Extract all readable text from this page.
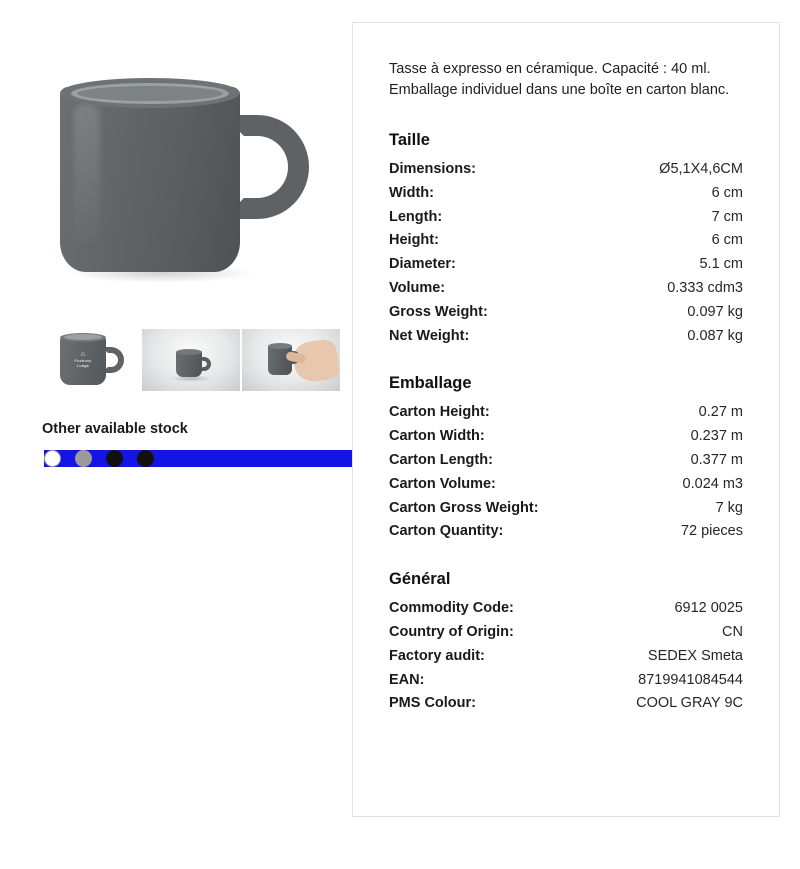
⌂
Foxtrock
Lodge
Other available stock

Tasse à expresso en céramique. Capacité : 40 ml.
Emballage individuel dans une boîte en carton blanc.

Taille
Dimensions:	Ø5,1X4,6CM
Width:	6 cm
Length:	7 cm
Height:	6 cm
Diameter:	5.1 cm
Volume:	0.333 cdm3
Gross Weight:	0.097 kg
Net Weight:	0.087 kg
Emballage
Carton Height:	0.27 m
Carton Width:	0.237 m
Carton Length:	0.377 m
Carton Volume:	0.024 m3
Carton Gross Weight:	7 kg
Carton Quantity:	72 pieces
Général
Commodity Code:	6912 0025
Country of Origin:	CN
Factory audit:	SEDEX Smeta
EAN:	8719941084544
PMS Colour:	COOL GRAY 9C
